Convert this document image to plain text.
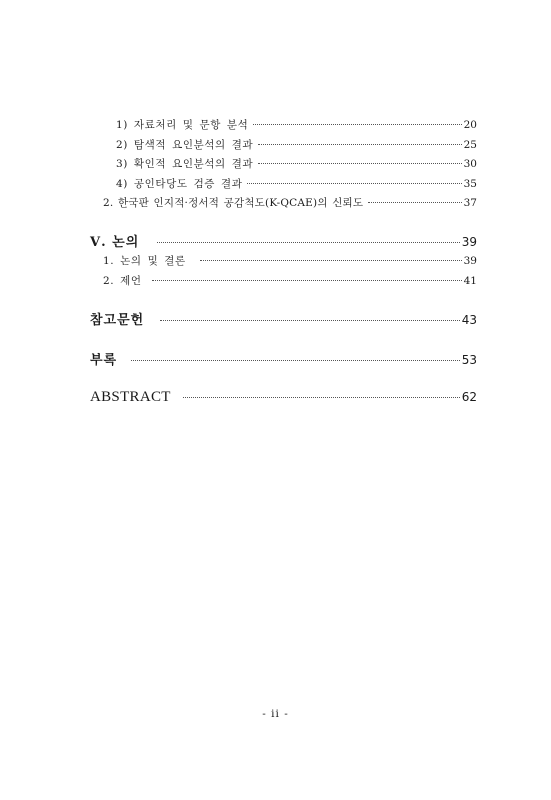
1) 자료처리 및 문항 분석	20
2) 탐색적 요인분석의 결과	25
3) 확인적 요인분석의 결과	30
4) 공인타당도 검증 결과	35
2. 한국판 인지적·정서적 공감척도(K-QCAE)의 신뢰도	37
Ⅴ. 논의	39
1. 논의 및 결론	39
2. 제언	41
참고문헌	43
부록	53
ABSTRACT	62
- ii -
